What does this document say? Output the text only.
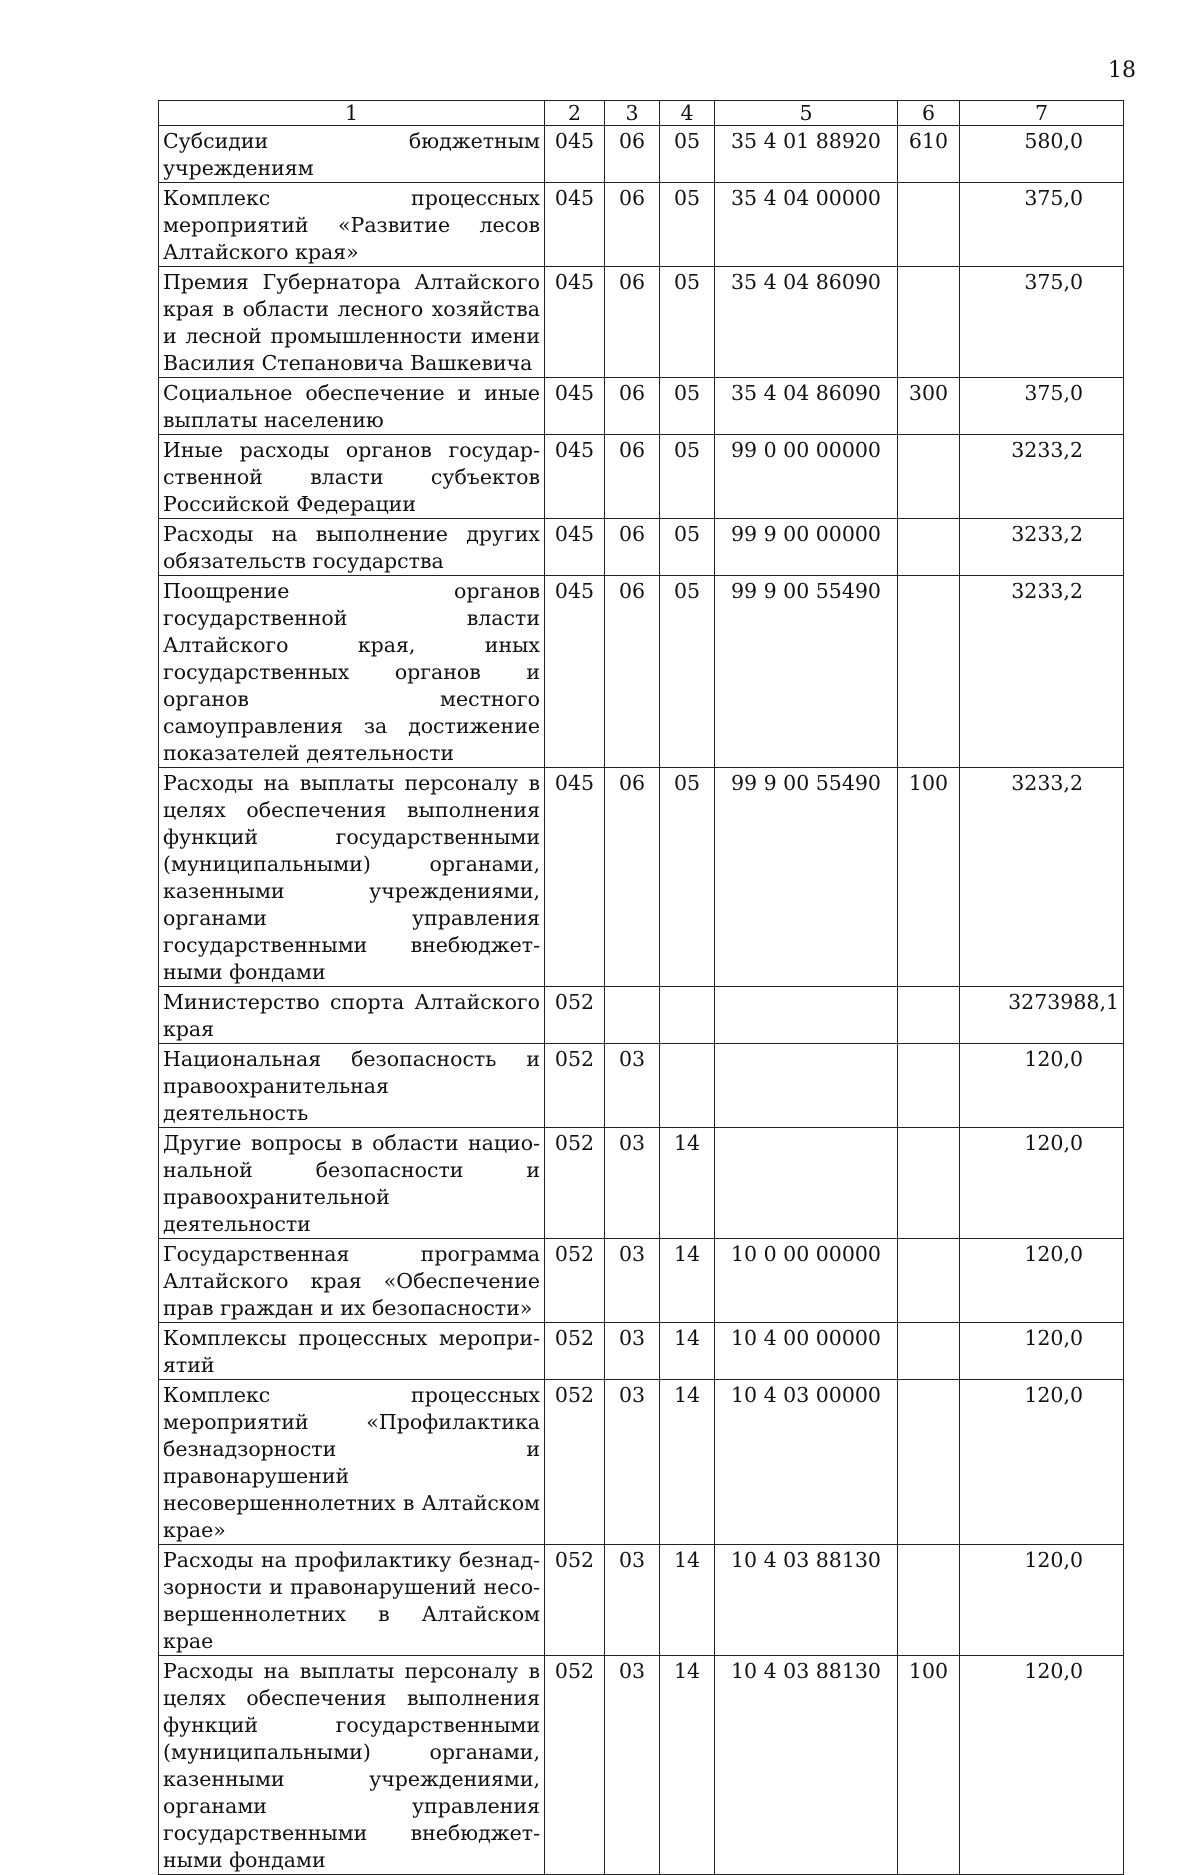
18
1	2	3	4	5	6	7
Субсидии бюджетным учреждениям	045	06	05	35 4 01 88920	610	580,0
Комплекс процессных мероприятий «Развитие лесов Алтайского края»	045	06	05	35 4 04 00000		375,0
Премия Губернатора Алтайского края в области лесного хозяйства и лесной промышленности имени Василия Степановича Вашкевича	045	06	05	35 4 04 86090		375,0
Социальное обеспечение и иные выплаты населению	045	06	05	35 4 04 86090	300	375,0
Иные расходы органов государственной власти субъектов Российской Федерации	045	06	05	99 0 00 00000		3233,2
Расходы на выполнение других обязательств государства	045	06	05	99 9 00 00000		3233,2
Поощрение органов государственной власти Алтайского края, иных государственных органов и органов местного самоуправления за достижение показателей деятельности	045	06	05	99 9 00 55490		3233,2
Расходы на выплаты персоналу в целях обеспечения выполнения функций государственными (муниципальными) органами, казенными учреждениями, органами управления государственными внебюджетными фондами	045	06	05	99 9 00 55490	100	3233,2
Министерство спорта Алтайского края	052					3273988,1
Национальная безопасность и правоохранительная деятельность	052	03				120,0
Другие вопросы в области национальной безопасности и правоохранительной деятельности	052	03	14			120,0
Государственная программа Алтайского края «Обеспечение прав граждан и их безопасности»	052	03	14	10 0 00 00000		120,0
Комплексы процессных мероприятий	052	03	14	10 4 00 00000		120,0
Комплекс процессных мероприятий «Профилактика безнадзорности и правонарушений несовершеннолетних в Алтайском крае»	052	03	14	10 4 03 00000		120,0
Расходы на профилактику безнадзорности и правонарушений несовершеннолетних в Алтайском крае	052	03	14	10 4 03 88130		120,0
Расходы на выплаты персоналу в целях обеспечения выполнения функций государственными (муниципальными) органами, казенными учреждениями, органами управления государственными внебюджетными фондами	052	03	14	10 4 03 88130	100	120,0
